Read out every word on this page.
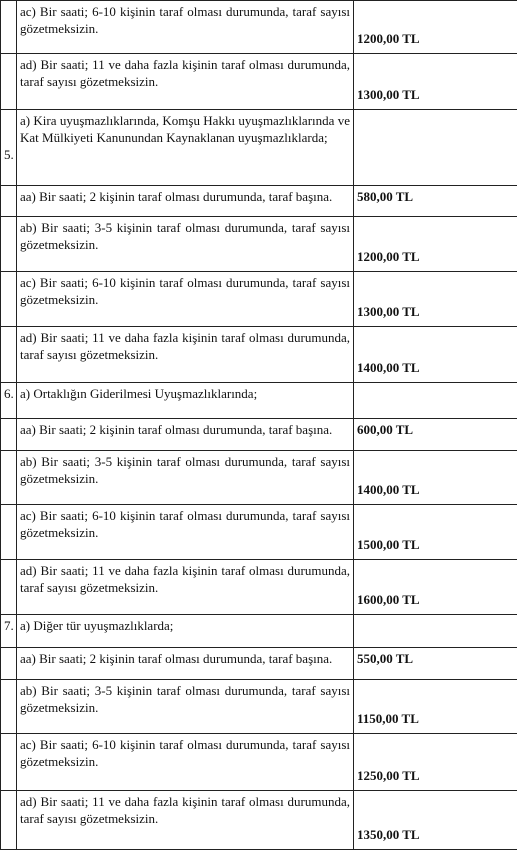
	ac) Bir saati; 6-10 kişinin taraf olması durumunda, taraf sayısı gözetmeksizin.	1200,00 TL
	ad) Bir saati; 11 ve daha fazla kişinin taraf olması durumunda, taraf sayısı gözetmeksizin.	1300,00 TL
5.	a) Kira uyuşmazlıklarında, Komşu Hakkı uyuşmazlıklarında ve Kat Mülkiyeti Kanunundan Kaynaklanan uyuşmazlıklarda;	
	aa) Bir saati; 2 kişinin taraf olması durumunda, taraf başına.	580,00 TL
	ab) Bir saati; 3-5 kişinin taraf olması durumunda, taraf sayısı gözetmeksizin.	1200,00 TL
	ac) Bir saati; 6-10 kişinin taraf olması durumunda, taraf sayısı gözetmeksizin.	1300,00 TL
	ad) Bir saati; 11 ve daha fazla kişinin taraf olması durumunda, taraf sayısı gözetmeksizin.	1400,00 TL
6.	a) Ortaklığın Giderilmesi Uyuşmazlıklarında;	
	aa) Bir saati; 2 kişinin taraf olması durumunda, taraf başına.	600,00 TL
	ab) Bir saati; 3-5 kişinin taraf olması durumunda, taraf sayısı gözetmeksizin.	1400,00 TL
	ac) Bir saati; 6-10 kişinin taraf olması durumunda, taraf sayısı gözetmeksizin.	1500,00 TL
	ad) Bir saati; 11 ve daha fazla kişinin taraf olması durumunda, taraf sayısı gözetmeksizin.	1600,00 TL
7.	a) Diğer tür uyuşmazlıklarda;	
	aa) Bir saati; 2 kişinin taraf olması durumunda, taraf başına.	550,00 TL
	ab) Bir saati; 3-5 kişinin taraf olması durumunda, taraf sayısı gözetmeksizin.	1150,00 TL
	ac) Bir saati; 6-10 kişinin taraf olması durumunda, taraf sayısı gözetmeksizin.	1250,00 TL
	ad) Bir saati; 11 ve daha fazla kişinin taraf olması durumunda, taraf sayısı gözetmeksizin.	1350,00 TL
